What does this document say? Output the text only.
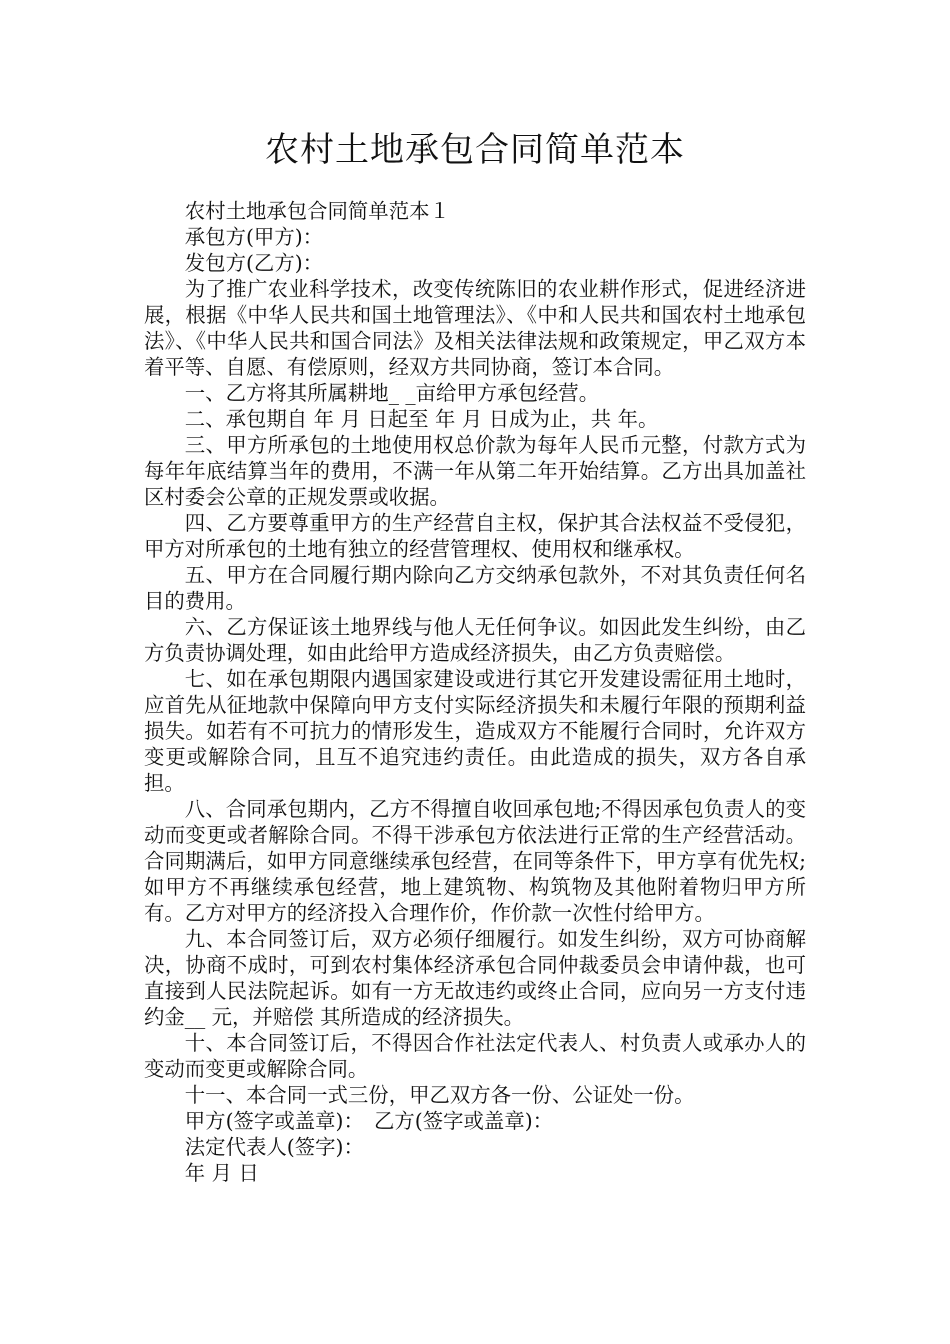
农村土地承包合同简单范本

农村土地承包合同简单范本１

承包方(甲方)：

发包方(乙方)：

为了推广农业科学技术，改变传统陈旧的农业耕作形式，促进经济进展，根据《中华人民共和国土地管理法》、《中和人民共和国农村土地承包法》、《中华人民共和国合同法》及相关法律法规和政策规定，甲乙双方本着平等、自愿、有偿原则，经双方共同协商，签订本合同。

一、乙方将其所属耕地_ _亩给甲方承包经营。

二、承包期自 年 月 日起至 年 月 日成为止，共 年。

三、甲方所承包的土地使用权总价款为每年人民币元整，付款方式为每年年底结算当年的费用，不满一年从第二年开始结算。乙方出具加盖社区村委会公章的正规发票或收据。

四、乙方要尊重甲方的生产经营自主权，保护其合法权益不受侵犯，甲方对所承包的土地有独立的经营管理权、使用权和继承权。

五、甲方在合同履行期内除向乙方交纳承包款外，不对其负责任何名目的费用。

六、乙方保证该土地界线与他人无任何争议。如因此发生纠纷，由乙方负责协调处理，如由此给甲方造成经济损失，由乙方负责赔偿。

七、如在承包期限内遇国家建设或进行其它开发建设需征用土地时，应首先从征地款中保障向甲方支付实际经济损失和未履行年限的预期利益损失。如若有不可抗力的情形发生，造成双方不能履行合同时，允许双方变更或解除合同，且互不追究违约责任。由此造成的损失，双方各自承担。

八、合同承包期内，乙方不得擅自收回承包地;不得因承包负责人的变动而变更或者解除合同。不得干涉承包方依法进行正常的生产经营活动。合同期满后，如甲方同意继续承包经营，在同等条件下，甲方享有优先权;如甲方不再继续承包经营，地上建筑物、构筑物及其他附着物归甲方所有。乙方对甲方的经济投入合理作价，作价款一次性付给甲方。

九、本合同签订后，双方必须仔细履行。如发生纠纷，双方可协商解决，协商不成时，可到农村集体经济承包合同仲裁委员会申请仲裁，也可直接到人民法院起诉。如有一方无故违约或终止合同，应向另一方支付违约金__ 元，并赔偿 其所造成的经济损失。

十、本合同签订后，不得因合作社法定代表人、村负责人或承办人的变动而变更或解除合同。

十一、本合同一式三份，甲乙双方各一份、公证处一份。

甲方(签字或盖章)：　乙方(签字或盖章)：

法定代表人(签字)：

年 月 日
